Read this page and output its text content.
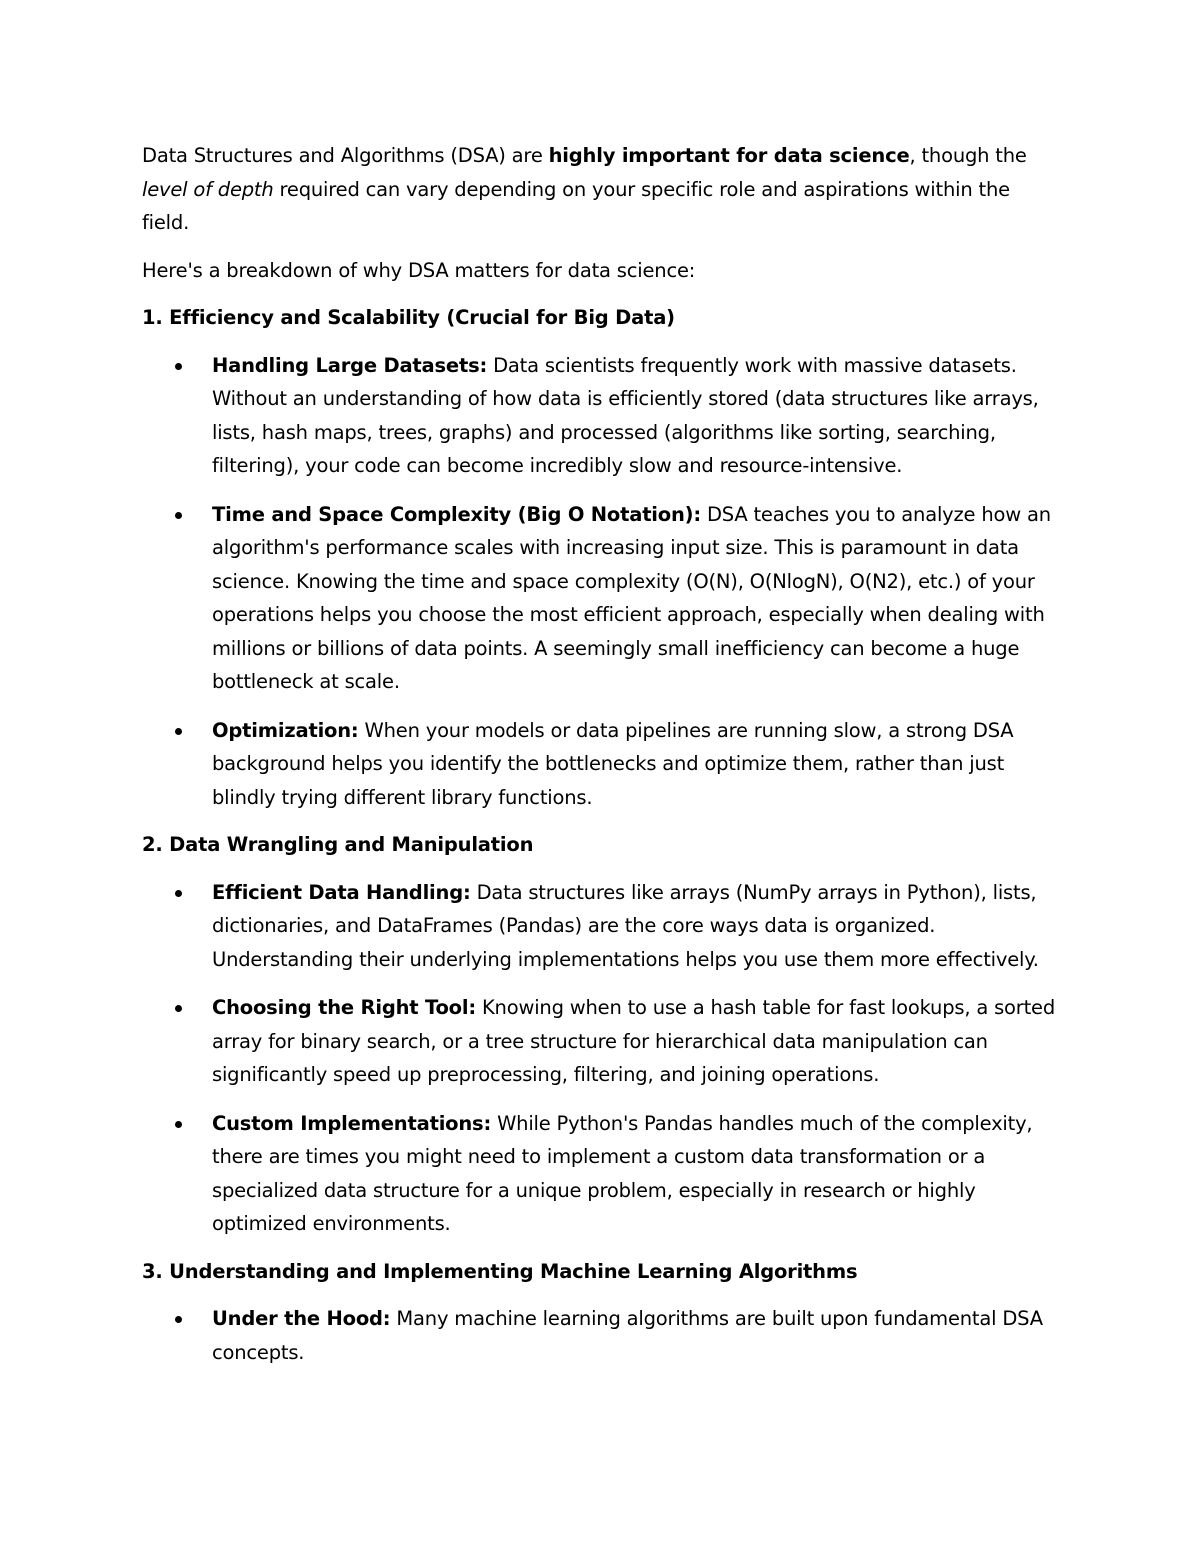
Data Structures and Algorithms (DSA) are highly important for data science, though the level of depth required can vary depending on your specific role and aspirations within the field.

Here's a breakdown of why DSA matters for data science:

1. Efficiency and Scalability (Crucial for Big Data)

Handling Large Datasets: Data scientists frequently work with massive datasets. Without an understanding of how data is efficiently stored (data structures like arrays, lists, hash maps, trees, graphs) and processed (algorithms like sorting, searching, filtering), your code can become incredibly slow and resource-intensive.
Time and Space Complexity (Big O Notation): DSA teaches you to analyze how an algorithm's performance scales with increasing input size. This is paramount in data science. Knowing the time and space complexity (O(N), O(NlogN), O(N2), etc.) of your operations helps you choose the most efficient approach, especially when dealing with millions or billions of data points. A seemingly small inefficiency can become a huge bottleneck at scale.
Optimization: When your models or data pipelines are running slow, a strong DSA background helps you identify the bottlenecks and optimize them, rather than just blindly trying different library functions.

2. Data Wrangling and Manipulation

Efficient Data Handling: Data structures like arrays (NumPy arrays in Python), lists, dictionaries, and DataFrames (Pandas) are the core ways data is organized. Understanding their underlying implementations helps you use them more effectively.
Choosing the Right Tool: Knowing when to use a hash table for fast lookups, a sorted array for binary search, or a tree structure for hierarchical data manipulation can significantly speed up preprocessing, filtering, and joining operations.
Custom Implementations: While Python's Pandas handles much of the complexity, there are times you might need to implement a custom data transformation or a specialized data structure for a unique problem, especially in research or highly optimized environments.

3. Understanding and Implementing Machine Learning Algorithms

Under the Hood: Many machine learning algorithms are built upon fundamental DSA concepts.
